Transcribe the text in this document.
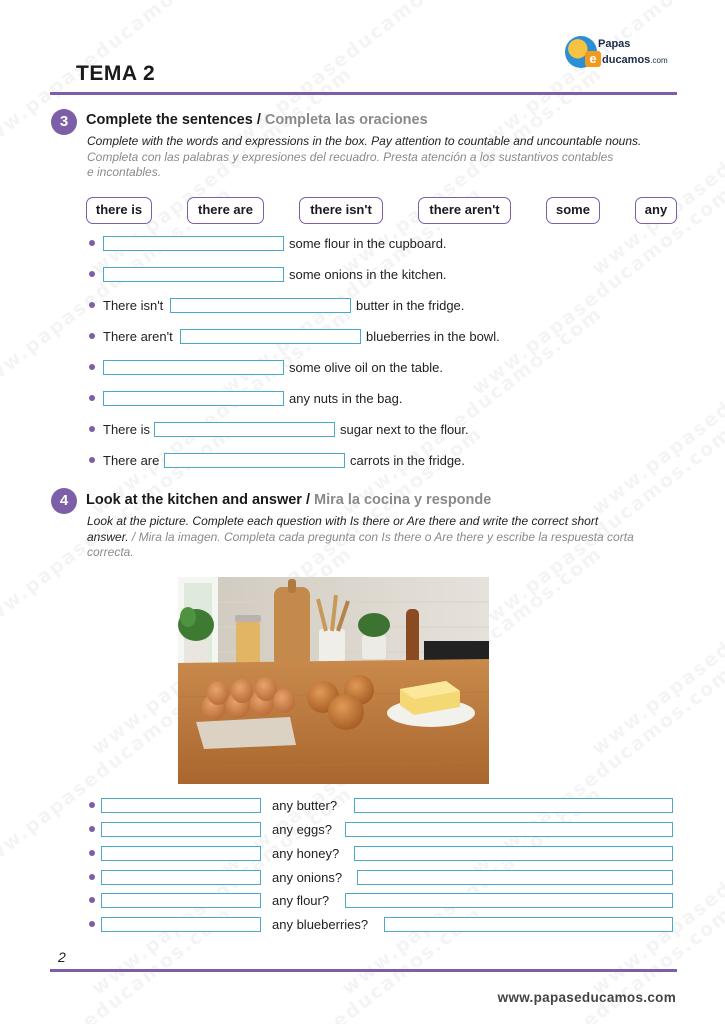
Papas
e ducamos.com
TEMA 2
3	Complete the sentences / Completa las oraciones
Complete with the words and expressions in the box. Pay attention to countable and uncountable nouns.
Completa con las palabras y expresiones del recuadro. Presta atención a los sustantivos contables
e incontables.
there is	there are	there isn't	there aren't	some	any
some flour in the cupboard.
some onions in the kitchen.
There isn't	butter in the fridge.
There aren't	blueberries in the bowl.
some olive oil on the table.
any nuts in the bag.
There is	sugar next to the flour.
There are	carrots in the fridge.
4	Look at the kitchen and answer / Mira la cocina y responde
Look at the picture. Complete each question with Is there or Are there and write the correct short
answer. / Mira la imagen. Completa cada pregunta con Is there o Are there y escribe la respuesta corta
correcta.
any butter?
any eggs?
any honey?
any onions?
any flour?
any blueberries?
2
www.papaseducamos.com
